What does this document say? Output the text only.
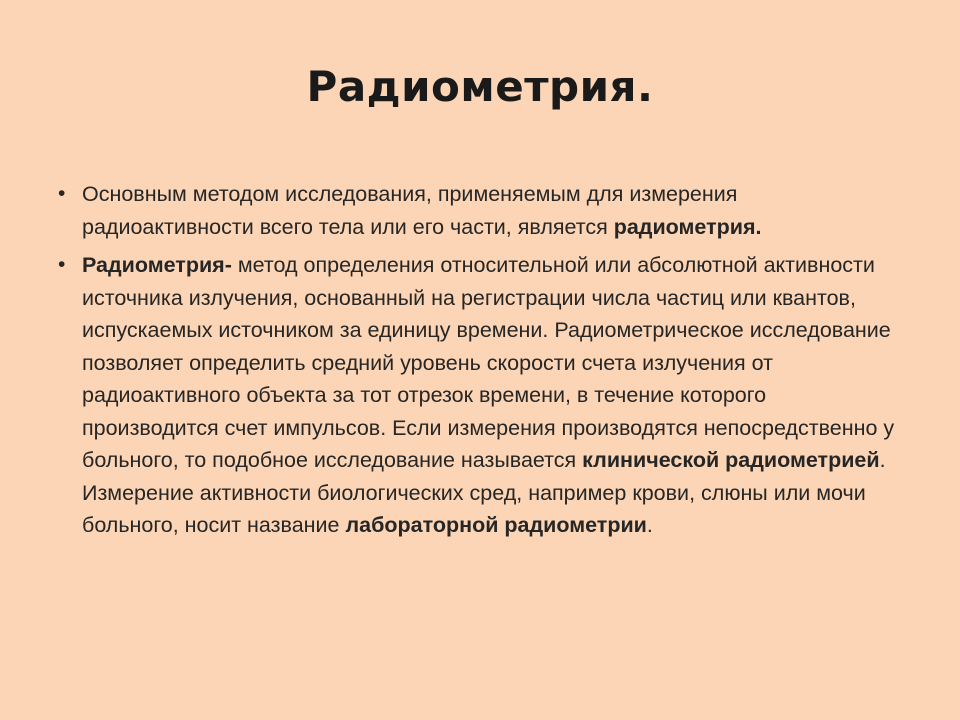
Радиометрия.
• Основным методом исследования, применяемым для измерения радиоактивности всего тела или его части, является радиометрия.
• Радиометрия- метод определения относительной или абсолютной активности источника излучения, основанный на регистрации числа частиц или квантов, испускаемых источником за единицу времени. Радиометрическое исследование позволяет определить средний уровень скорости счета излучения от радиоактивного объекта за тот отрезок времени, в течение которого производится счет импульсов. Если измерения производятся непосредственно у больного, то подобное исследование называется клинической радиометрией. Измерение активности биологических сред, например крови, слюны или мочи больного, носит название лабораторной радиометрии.
